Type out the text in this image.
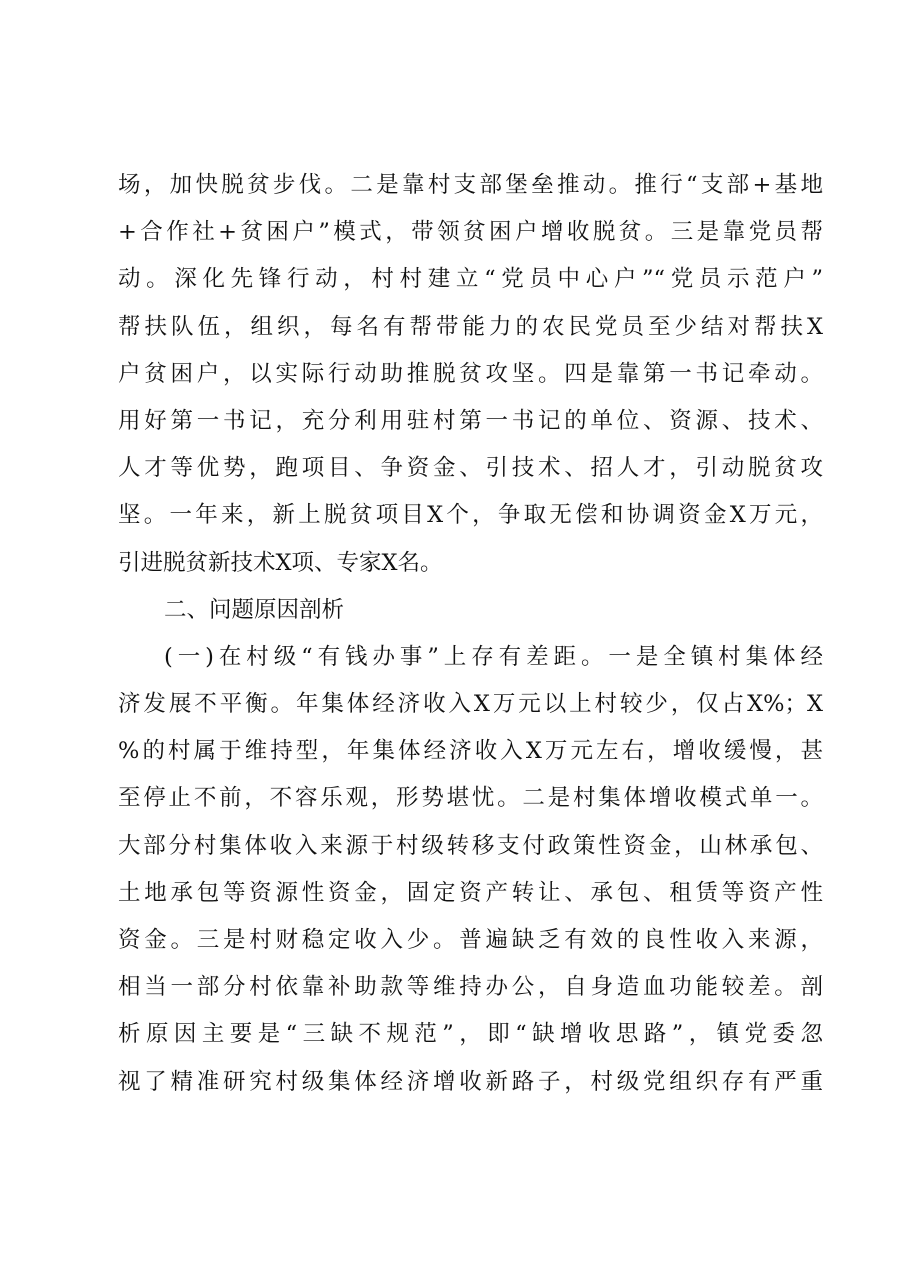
场，加快脱贫步伐。二是靠村支部堡垒推动。推行“支部+基地
+合作社+贫困户”模式，带领贫困户增收脱贫。三是靠党员帮
动。深化先锋行动，村村建立“党员中心户”“党员示范户”
帮扶队伍，组织，每名有帮带能力的农民党员至少结对帮扶X
户贫困户，以实际行动助推脱贫攻坚。四是靠第一书记牵动。
用好第一书记，充分利用驻村第一书记的单位、资源、技术、
人才等优势，跑项目、争资金、引技术、招人才，引动脱贫攻
坚。一年来，新上脱贫项目X个，争取无偿和协调资金X万元，
引进脱贫新技术X项、专家X名。
二、问题原因剖析
(一)在村级“有钱办事”上存有差距。一是全镇村集体经
济发展不平衡。年集体经济收入X万元以上村较少，仅占X%；X
%的村属于维持型，年集体经济收入X万元左右，增收缓慢，甚
至停止不前，不容乐观，形势堪忧。二是村集体增收模式单一。
大部分村集体收入来源于村级转移支付政策性资金，山林承包、
土地承包等资源性资金，固定资产转让、承包、租赁等资产性
资金。三是村财稳定收入少。普遍缺乏有效的良性收入来源，
相当一部分村依靠补助款等维持办公，自身造血功能较差。剖
析原因主要是“三缺不规范”，即“缺增收思路”，镇党委忽
视了精准研究村级集体经济增收新路子，村级党组织存有严重
